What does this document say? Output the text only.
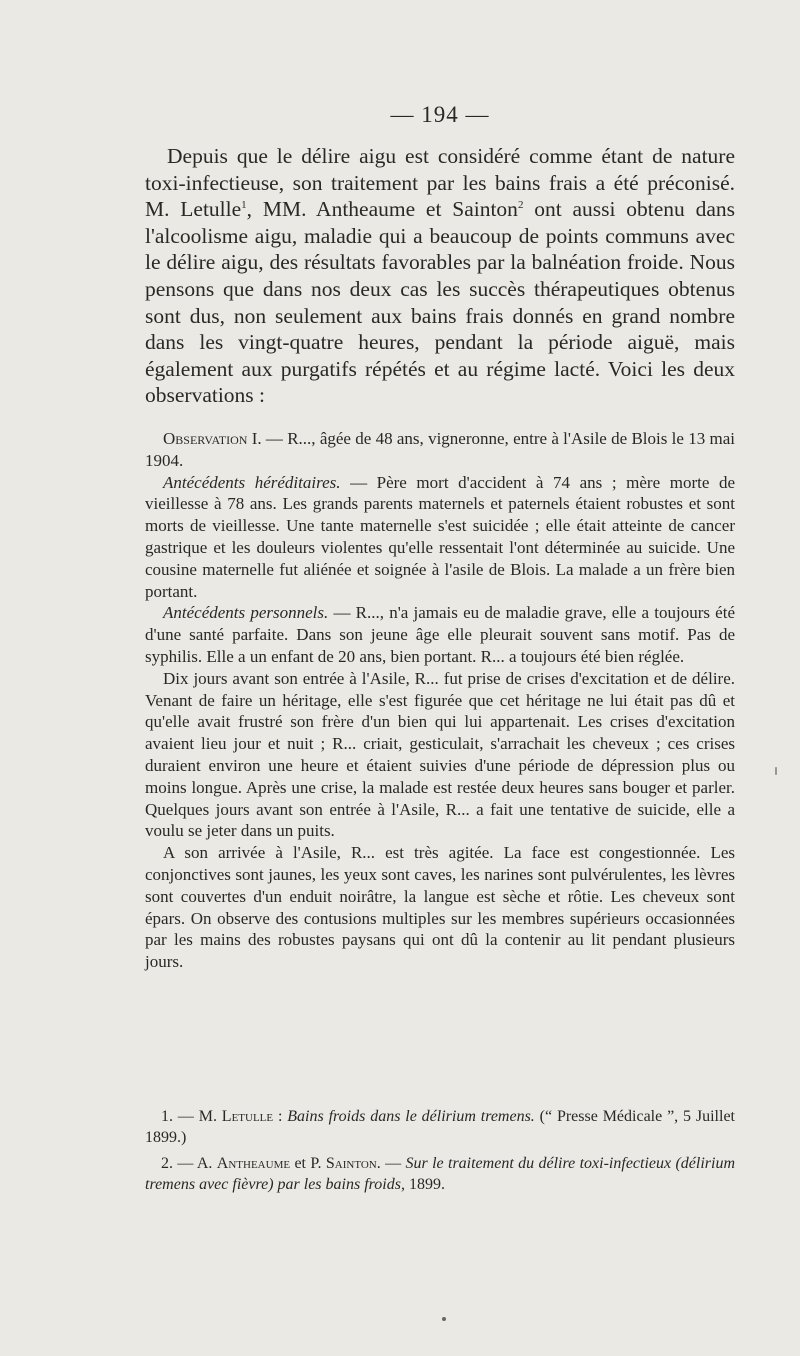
— 194 —

Depuis que le délire aigu est considéré comme étant de nature toxi-infectieuse, son traitement par les bains frais a été préconisé. M. Letulle$^1$, MM. Antheaume et Sainton$^2$ ont aussi obtenu dans l'alcoolisme aigu, maladie qui a beaucoup de points communs avec le délire aigu, des résultats favorables par la balnéation froide. Nous pensons que dans nos deux cas les succès thérapeutiques obtenus sont dus, non seulement aux bains frais donnés en grand nombre dans les vingt-quatre heures, pendant la période aiguë, mais également aux purgatifs répétés et au régime lacté. Voici les deux observations :

Observation I. — R..., âgée de 48 ans, vigneronne, entre à l'Asile de Blois le 13 mai 1904.

Antécédents héréditaires. — Père mort d'accident à 74 ans ; mère morte de vieillesse à 78 ans. Les grands parents maternels et paternels étaient robustes et sont morts de vieillesse. Une tante maternelle s'est suicidée ; elle était atteinte de cancer gastrique et les douleurs violentes qu'elle ressentait l'ont déterminée au suicide. Une cousine maternelle fut aliénée et soignée à l'asile de Blois. La malade a un frère bien portant.

Antécédents personnels. — R..., n'a jamais eu de maladie grave, elle a toujours été d'une santé parfaite. Dans son jeune âge elle pleurait souvent sans motif. Pas de syphilis. Elle a un enfant de 20 ans, bien portant. R... a toujours été bien réglée.

Dix jours avant son entrée à l'Asile, R... fut prise de crises d'excitation et de délire. Venant de faire un héritage, elle s'est figurée que cet héritage ne lui était pas dû et qu'elle avait frustré son frère d'un bien qui lui appartenait. Les crises d'excitation avaient lieu jour et nuit ; R... criait, gesticulait, s'arrachait les cheveux ; ces crises duraient environ une heure et étaient suivies d'une période de dépression plus ou moins longue. Après une crise, la malade est restée deux heures sans bouger et parler. Quelques jours avant son entrée à l'Asile, R... a fait une tentative de suicide, elle a voulu se jeter dans un puits.

A son arrivée à l'Asile, R... est très agitée. La face est congestionnée. Les conjonctives sont jaunes, les yeux sont caves, les narines sont pulvérulentes, les lèvres sont couvertes d'un enduit noirâtre, la langue est sèche et rôtie. Les cheveux sont épars. On observe des contusions multiples sur les membres supérieurs occasionnées par les mains des robustes paysans qui ont dû la contenir au lit pendant plusieurs jours.

1. — M. Letulle : Bains froids dans le délirium tremens. (“ Presse Médicale ”, 5 Juillet 1899.)

2. — A. Antheaume et P. Sainton. — Sur le traitement du délire toxi-infectieux (délirium tremens avec fièvre) par les bains froids, 1899.
